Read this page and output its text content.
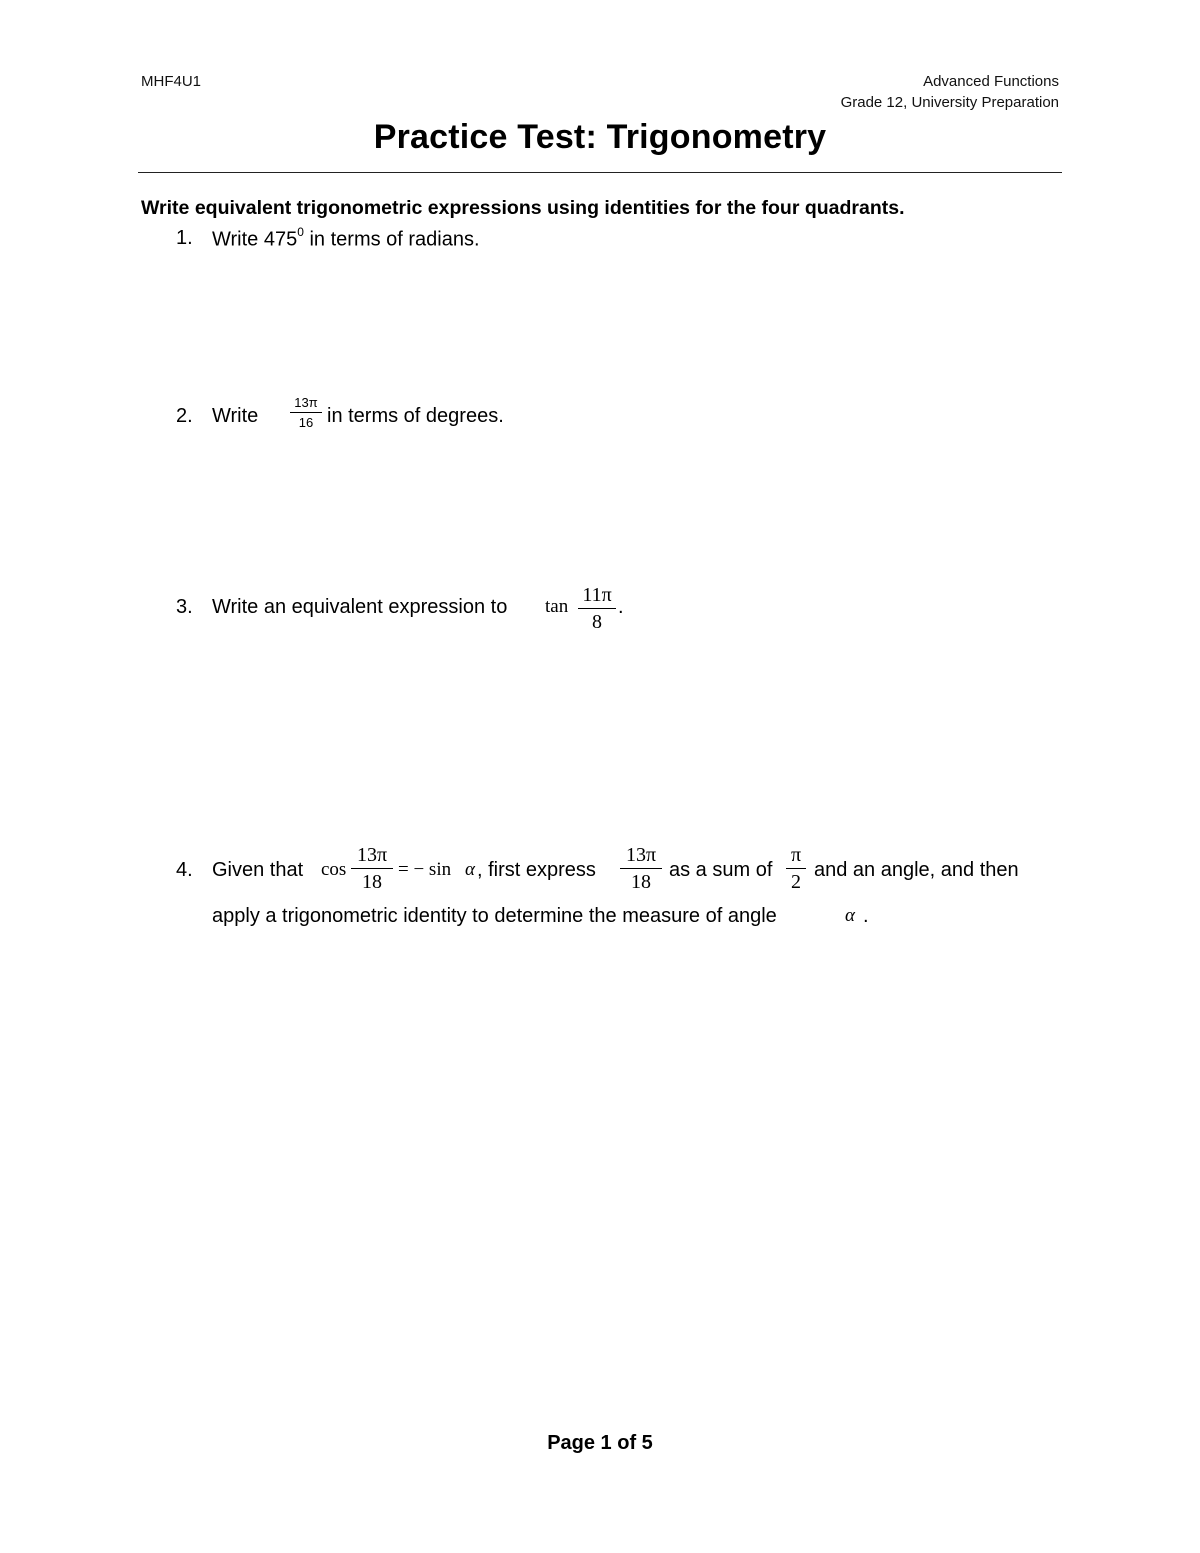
MHF4U1	Advanced Functions
Grade 12, University Preparation
Practice Test: Trigonometry
Write equivalent trigonometric expressions using identities for the four quadrants.
1. Write $475^0$ in terms of radians.
2. Write
13π
16 in terms of degrees.
3. Write an equivalent expression to tan
11π
8
.
4. Given that cos
13π
18
= − sin α , first express
13π
18
as a sum of
π
2
and an angle, and then
apply a trigonometric identity to determine the measure of angle	α .
Page 1 of 5
